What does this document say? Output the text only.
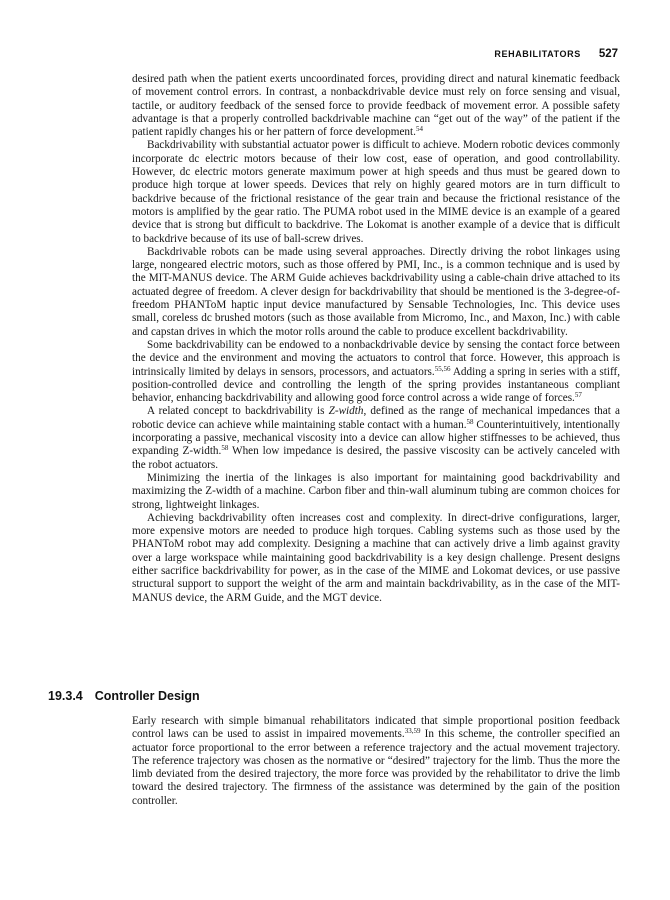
REHABILITATORS 527

desired path when the patient exerts uncoordinated forces, providing direct and natural kinematic feedback of movement control errors. In contrast, a nonbackdrivable device must rely on force sensing and visual, tactile, or auditory feedback of the sensed force to provide feedback of movement error. A possible safety advantage is that a properly controlled backdrivable machine can “get out of the way” of the patient if the patient rapidly changes his or her pattern of force development.$^{54}$

Backdrivability with substantial actuator power is difficult to achieve. Modern robotic devices commonly incorporate dc electric motors because of their low cost, ease of operation, and good controllability. However, dc electric motors generate maximum power at high speeds and thus must be geared down to produce high torque at lower speeds. Devices that rely on highly geared motors are in turn difficult to backdrive because of the frictional resistance of the gear train and because the frictional resistance of the motors is amplified by the gear ratio. The PUMA robot used in the MIME device is an example of a geared device that is strong but difficult to backdrive. The Lokomat is another example of a device that is difficult to backdrive because of its use of ball-screw drives.

Backdrivable robots can be made using several approaches. Directly driving the robot linkages using large, nongeared electric motors, such as those offered by PMI, Inc., is a common technique and is used by the MIT-MANUS device. The ARM Guide achieves backdrivability using a cable-chain drive attached to its actuated degree of freedom. A clever design for backdrivability that should be mentioned is the 3-degree-of-freedom PHANToM haptic input device manufactured by Sensable Technologies, Inc. This device uses small, coreless dc brushed motors (such as those available from Micromo, Inc., and Maxon, Inc.) with cable and capstan drives in which the motor rolls around the cable to produce excellent backdrivability.

Some backdrivability can be endowed to a nonbackdrivable device by sensing the contact force between the device and the environment and moving the actuators to control that force. However, this approach is intrinsically limited by delays in sensors, processors, and actuators.$^{55,56}$ Adding a spring in series with a stiff, position-controlled device and controlling the length of the spring provides instantaneous compliant behavior, enhancing backdrivability and allowing good force control across a wide range of forces.$^{57}$

A related concept to backdrivability is Z-width, defined as the range of mechanical impedances that a robotic device can achieve while maintaining stable contact with a human.$^{58}$ Counterintuitively, intentionally incorporating a passive, mechanical viscosity into a device can allow higher stiffnesses to be achieved, thus expanding Z-width.$^{58}$ When low impedance is desired, the passive viscosity can be actively canceled with the robot actuators.

Minimizing the inertia of the linkages is also important for maintaining good backdrivability and maximizing the Z-width of a machine. Carbon fiber and thin-wall aluminum tubing are common choices for strong, lightweight linkages.

Achieving backdrivability often increases cost and complexity. In direct-drive configurations, larger, more expensive motors are needed to produce high torques. Cabling systems such as those used by the PHANToM robot may add complexity. Designing a machine that can actively drive a limb against gravity over a large workspace while maintaining good backdrivability is a key design challenge. Present designs either sacrifice backdrivability for power, as in the case of the MIME and Lokomat devices, or use passive structural support to support the weight of the arm and maintain backdrivability, as in the case of the MIT-MANUS device, the ARM Guide, and the MGT device.

19.3.4 Controller Design

Early research with simple bimanual rehabilitators indicated that simple proportional position feedback control laws can be used to assist in impaired movements.$^{33,59}$ In this scheme, the controller specified an actuator force proportional to the error between a reference trajectory and the actual movement trajectory. The reference trajectory was chosen as the normative or “desired” trajectory for the limb. Thus the more the limb deviated from the desired trajectory, the more force was provided by the rehabilitator to drive the limb toward the desired trajectory. The firmness of the assistance was determined by the gain of the position controller.
